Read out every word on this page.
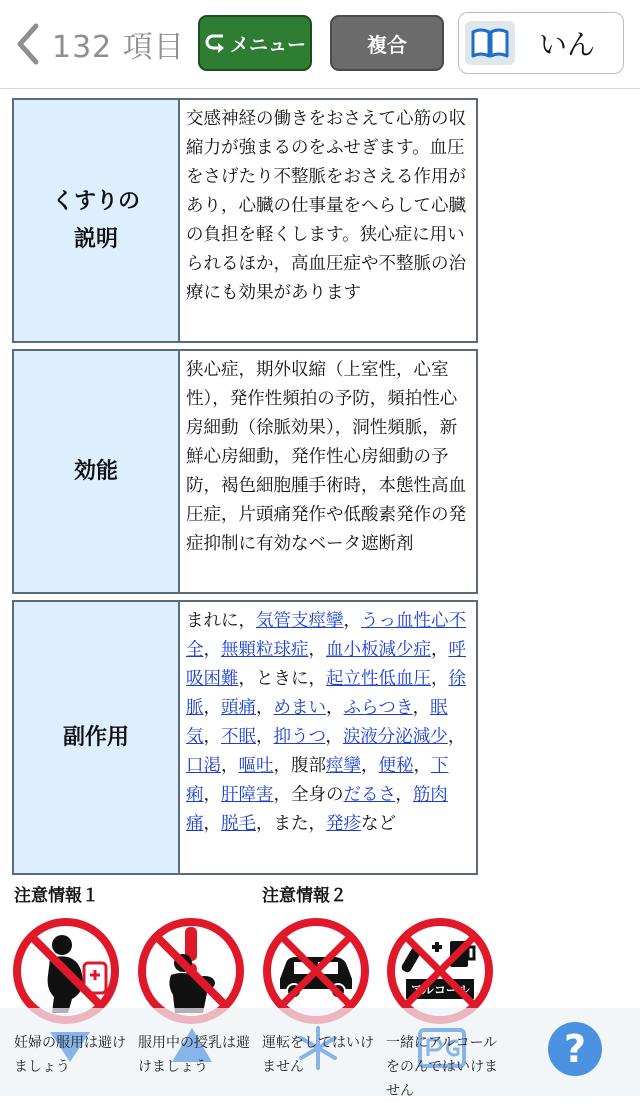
132 項目 メニュー	複合	いん
くすりの
説明
交感神経の働きをおさえて心筋の収縮力が強まるのをふせぎます。血圧をさげたり不整脈をおさえる作用があり，心臓の仕事量をへらして心臓の負担を軽くします。狭心症に用いられるほか，高血圧症や不整脈の治療にも効果があります
効能
狭心症，期外収縮（上室性，心室性），発作性頻拍の予防，頻拍性心房細動（徐脈効果），洞性頻脈，新鮮心房細動，発作性心房細動の予防，褐色細胞腫手術時，本態性高血圧症，片頭痛発作や低酸素発作の発症抑制に有効なベータ遮断剤
副作用
まれに，気管支痙攣，うっ血性心不全，無顆粒球症，血小板減少症，呼吸困難，ときに，起立性低血圧，徐脈，頭痛，めまい，ふらつき，眠気，不眠，抑うつ，涙液分泌減少，口渇，嘔吐，腹部痙攣，便秘，下痢，肝障害，全身のだるさ，筋肉痛，脱毛，また，発疹など
注意情報１	注意情報２
アルコール
妊婦の服用は避けましょう
服用中の授乳は避けましょう
運転をしてはいけません
一緒にアルコールをのんではいけません
?
